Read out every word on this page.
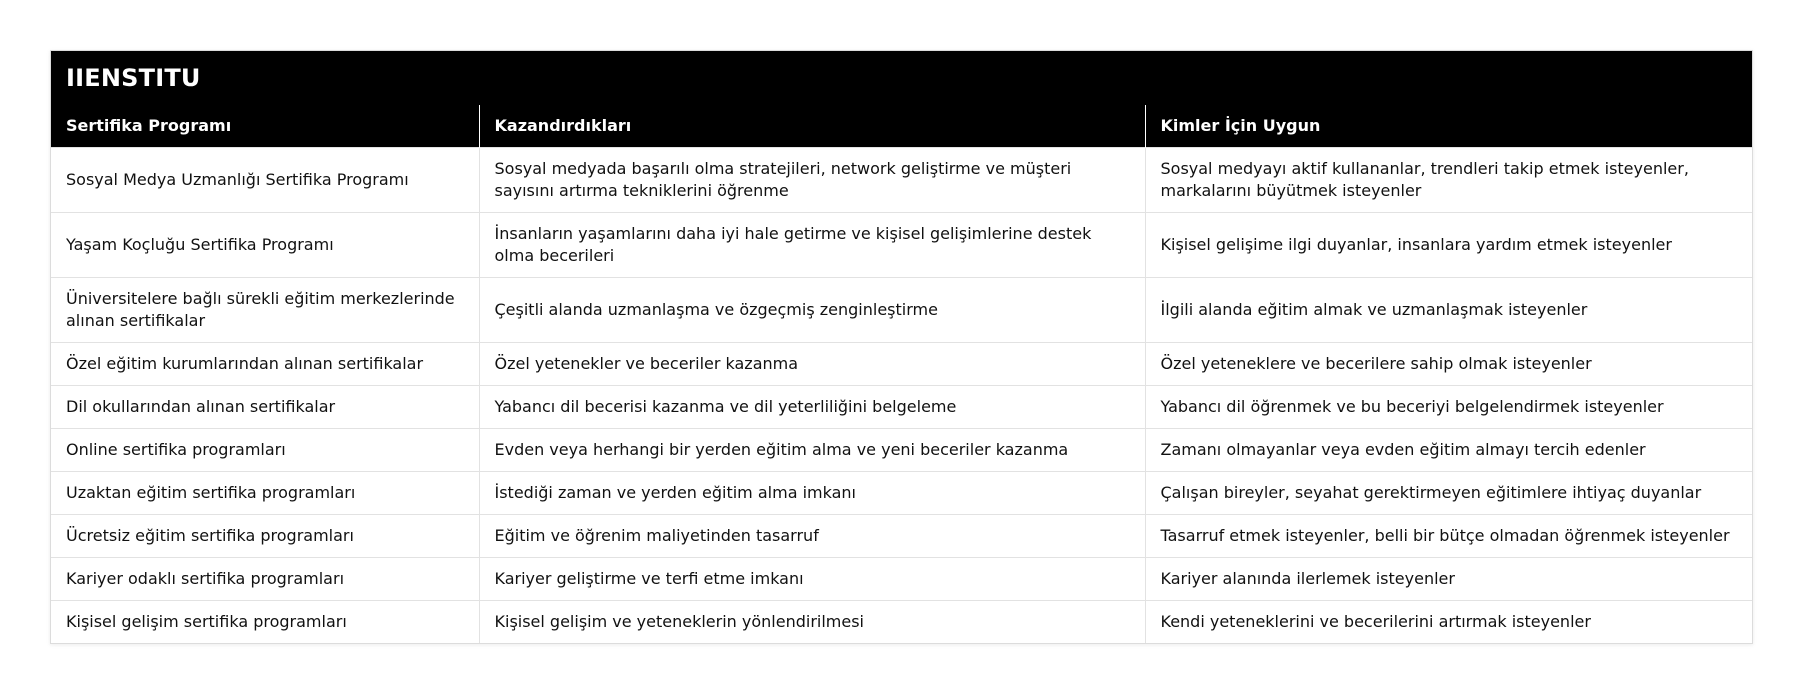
IIENSTITU
Sertifika Programı	Kazandırdıkları	Kimler İçin Uygun
Sosyal Medya Uzmanlığı Sertifika Programı	Sosyal medyada başarılı olma stratejileri, network geliştirme ve müşteri sayısını artırma tekniklerini öğrenme	Sosyal medyayı aktif kullananlar, trendleri takip etmek isteyenler, markalarını büyütmek isteyenler
Yaşam Koçluğu Sertifika Programı	İnsanların yaşamlarını daha iyi hale getirme ve kişisel gelişimlerine destek olma becerileri	Kişisel gelişime ilgi duyanlar, insanlara yardım etmek isteyenler
Üniversitelere bağlı sürekli eğitim merkezlerinde alınan sertifikalar	Çeşitli alanda uzmanlaşma ve özgeçmiş zenginleştirme	İlgili alanda eğitim almak ve uzmanlaşmak isteyenler
Özel eğitim kurumlarından alınan sertifikalar	Özel yetenekler ve beceriler kazanma	Özel yeteneklere ve becerilere sahip olmak isteyenler
Dil okullarından alınan sertifikalar	Yabancı dil becerisi kazanma ve dil yeterliliğini belgeleme	Yabancı dil öğrenmek ve bu beceriyi belgelendirmek isteyenler
Online sertifika programları	Evden veya herhangi bir yerden eğitim alma ve yeni beceriler kazanma	Zamanı olmayanlar veya evden eğitim almayı tercih edenler
Uzaktan eğitim sertifika programları	İstediği zaman ve yerden eğitim alma imkanı	Çalışan bireyler, seyahat gerektirmeyen eğitimlere ihtiyaç duyanlar
Ücretsiz eğitim sertifika programları	Eğitim ve öğrenim maliyetinden tasarruf	Tasarruf etmek isteyenler, belli bir bütçe olmadan öğrenmek isteyenler
Kariyer odaklı sertifika programları	Kariyer geliştirme ve terfi etme imkanı	Kariyer alanında ilerlemek isteyenler
Kişisel gelişim sertifika programları	Kişisel gelişim ve yeteneklerin yönlendirilmesi	Kendi yeteneklerini ve becerilerini artırmak isteyenler
